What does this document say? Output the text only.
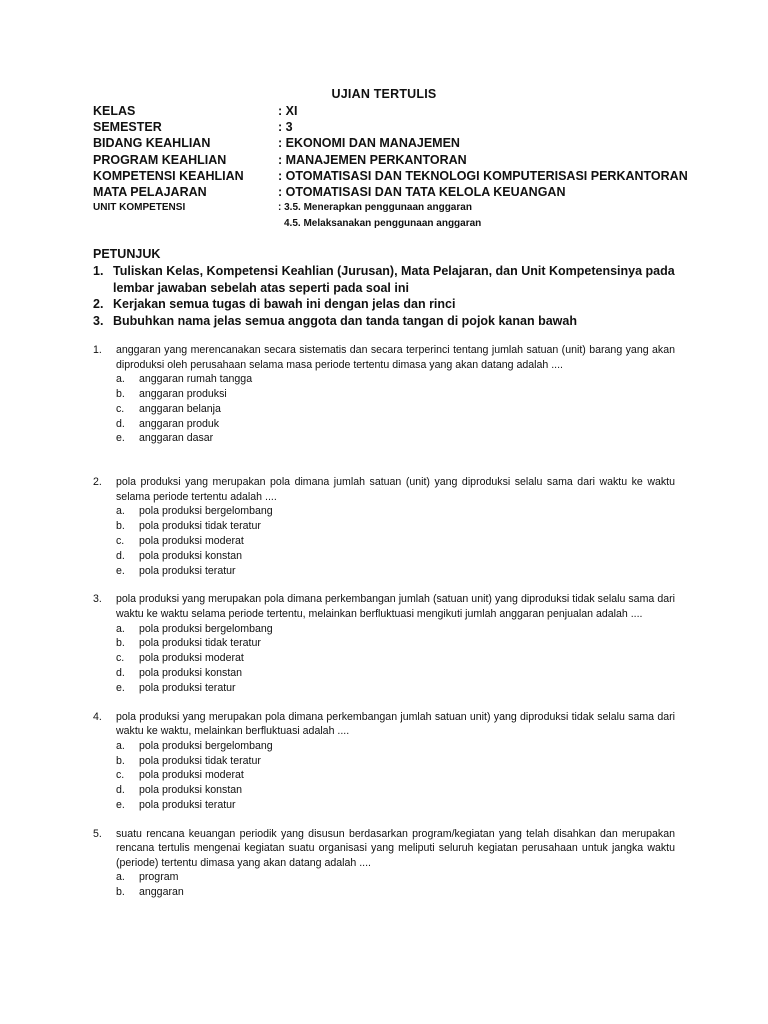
UJIAN TERTULIS
KELAS	: XI
SEMESTER	: 3
BIDANG KEAHLIAN	: EKONOMI DAN MANAJEMEN
PROGRAM KEAHLIAN	: MANAJEMEN PERKANTORAN
KOMPETENSI KEAHLIAN	: OTOMATISASI DAN TEKNOLOGI KOMPUTERISASI PERKANTORAN
MATA PELAJARAN	: OTOMATISASI DAN TATA KELOLA KEUANGAN
UNIT KOMPETENSI	: 3.5. Menerapkan penggunaan anggaran
4.5. Melaksanakan penggunaan anggaran
PETUNJUK
1. Tuliskan Kelas, Kompetensi Keahlian (Jurusan), Mata Pelajaran, dan Unit Kompetensinya pada lembar jawaban sebelah atas seperti pada soal ini
2. Kerjakan semua tugas di bawah ini dengan jelas dan rinci
3. Bubuhkan nama jelas semua anggota dan tanda tangan di pojok kanan bawah
1.	anggaran yang merencanakan secara sistematis dan secara terperinci tentang jumlah satuan (unit) barang yang akan diproduksi oleh perusahaan selama masa periode tertentu dimasa yang akan datang adalah ....
a.	anggaran rumah tangga
b.	anggaran produksi
c.	anggaran belanja
d.	anggaran produk
e.	anggaran dasar
2.	pola produksi yang merupakan pola dimana jumlah satuan (unit) yang diproduksi selalu sama dari waktu ke waktu selama periode tertentu adalah ....
a.	pola produksi bergelombang
b.	pola produksi tidak teratur
c.	pola produksi moderat
d.	pola produksi konstan
e.	pola produksi teratur
3.	pola produksi yang merupakan pola dimana perkembangan jumlah (satuan unit) yang diproduksi tidak selalu sama dari waktu ke waktu selama periode tertentu, melainkan berfluktuasi mengikuti jumlah anggaran penjualan adalah ....
a.	pola produksi bergelombang
b.	pola produksi tidak teratur
c.	pola produksi moderat
d.	pola produksi konstan
e.	pola produksi teratur
4.	pola produksi yang merupakan pola dimana perkembangan jumlah satuan unit) yang diproduksi tidak selalu sama dari waktu ke waktu, melainkan berfluktuasi adalah ....
a.	pola produksi bergelombang
b.	pola produksi tidak teratur
c.	pola produksi moderat
d.	pola produksi konstan
e.	pola produksi teratur
5.	suatu rencana keuangan periodik yang disusun berdasarkan program/kegiatan yang telah disahkan dan merupakan rencana tertulis mengenai kegiatan suatu organisasi yang meliputi seluruh kegiatan perusahaan untuk jangka waktu (periode) tertentu dimasa yang akan datang adalah ....
a.	program
b.	anggaran
